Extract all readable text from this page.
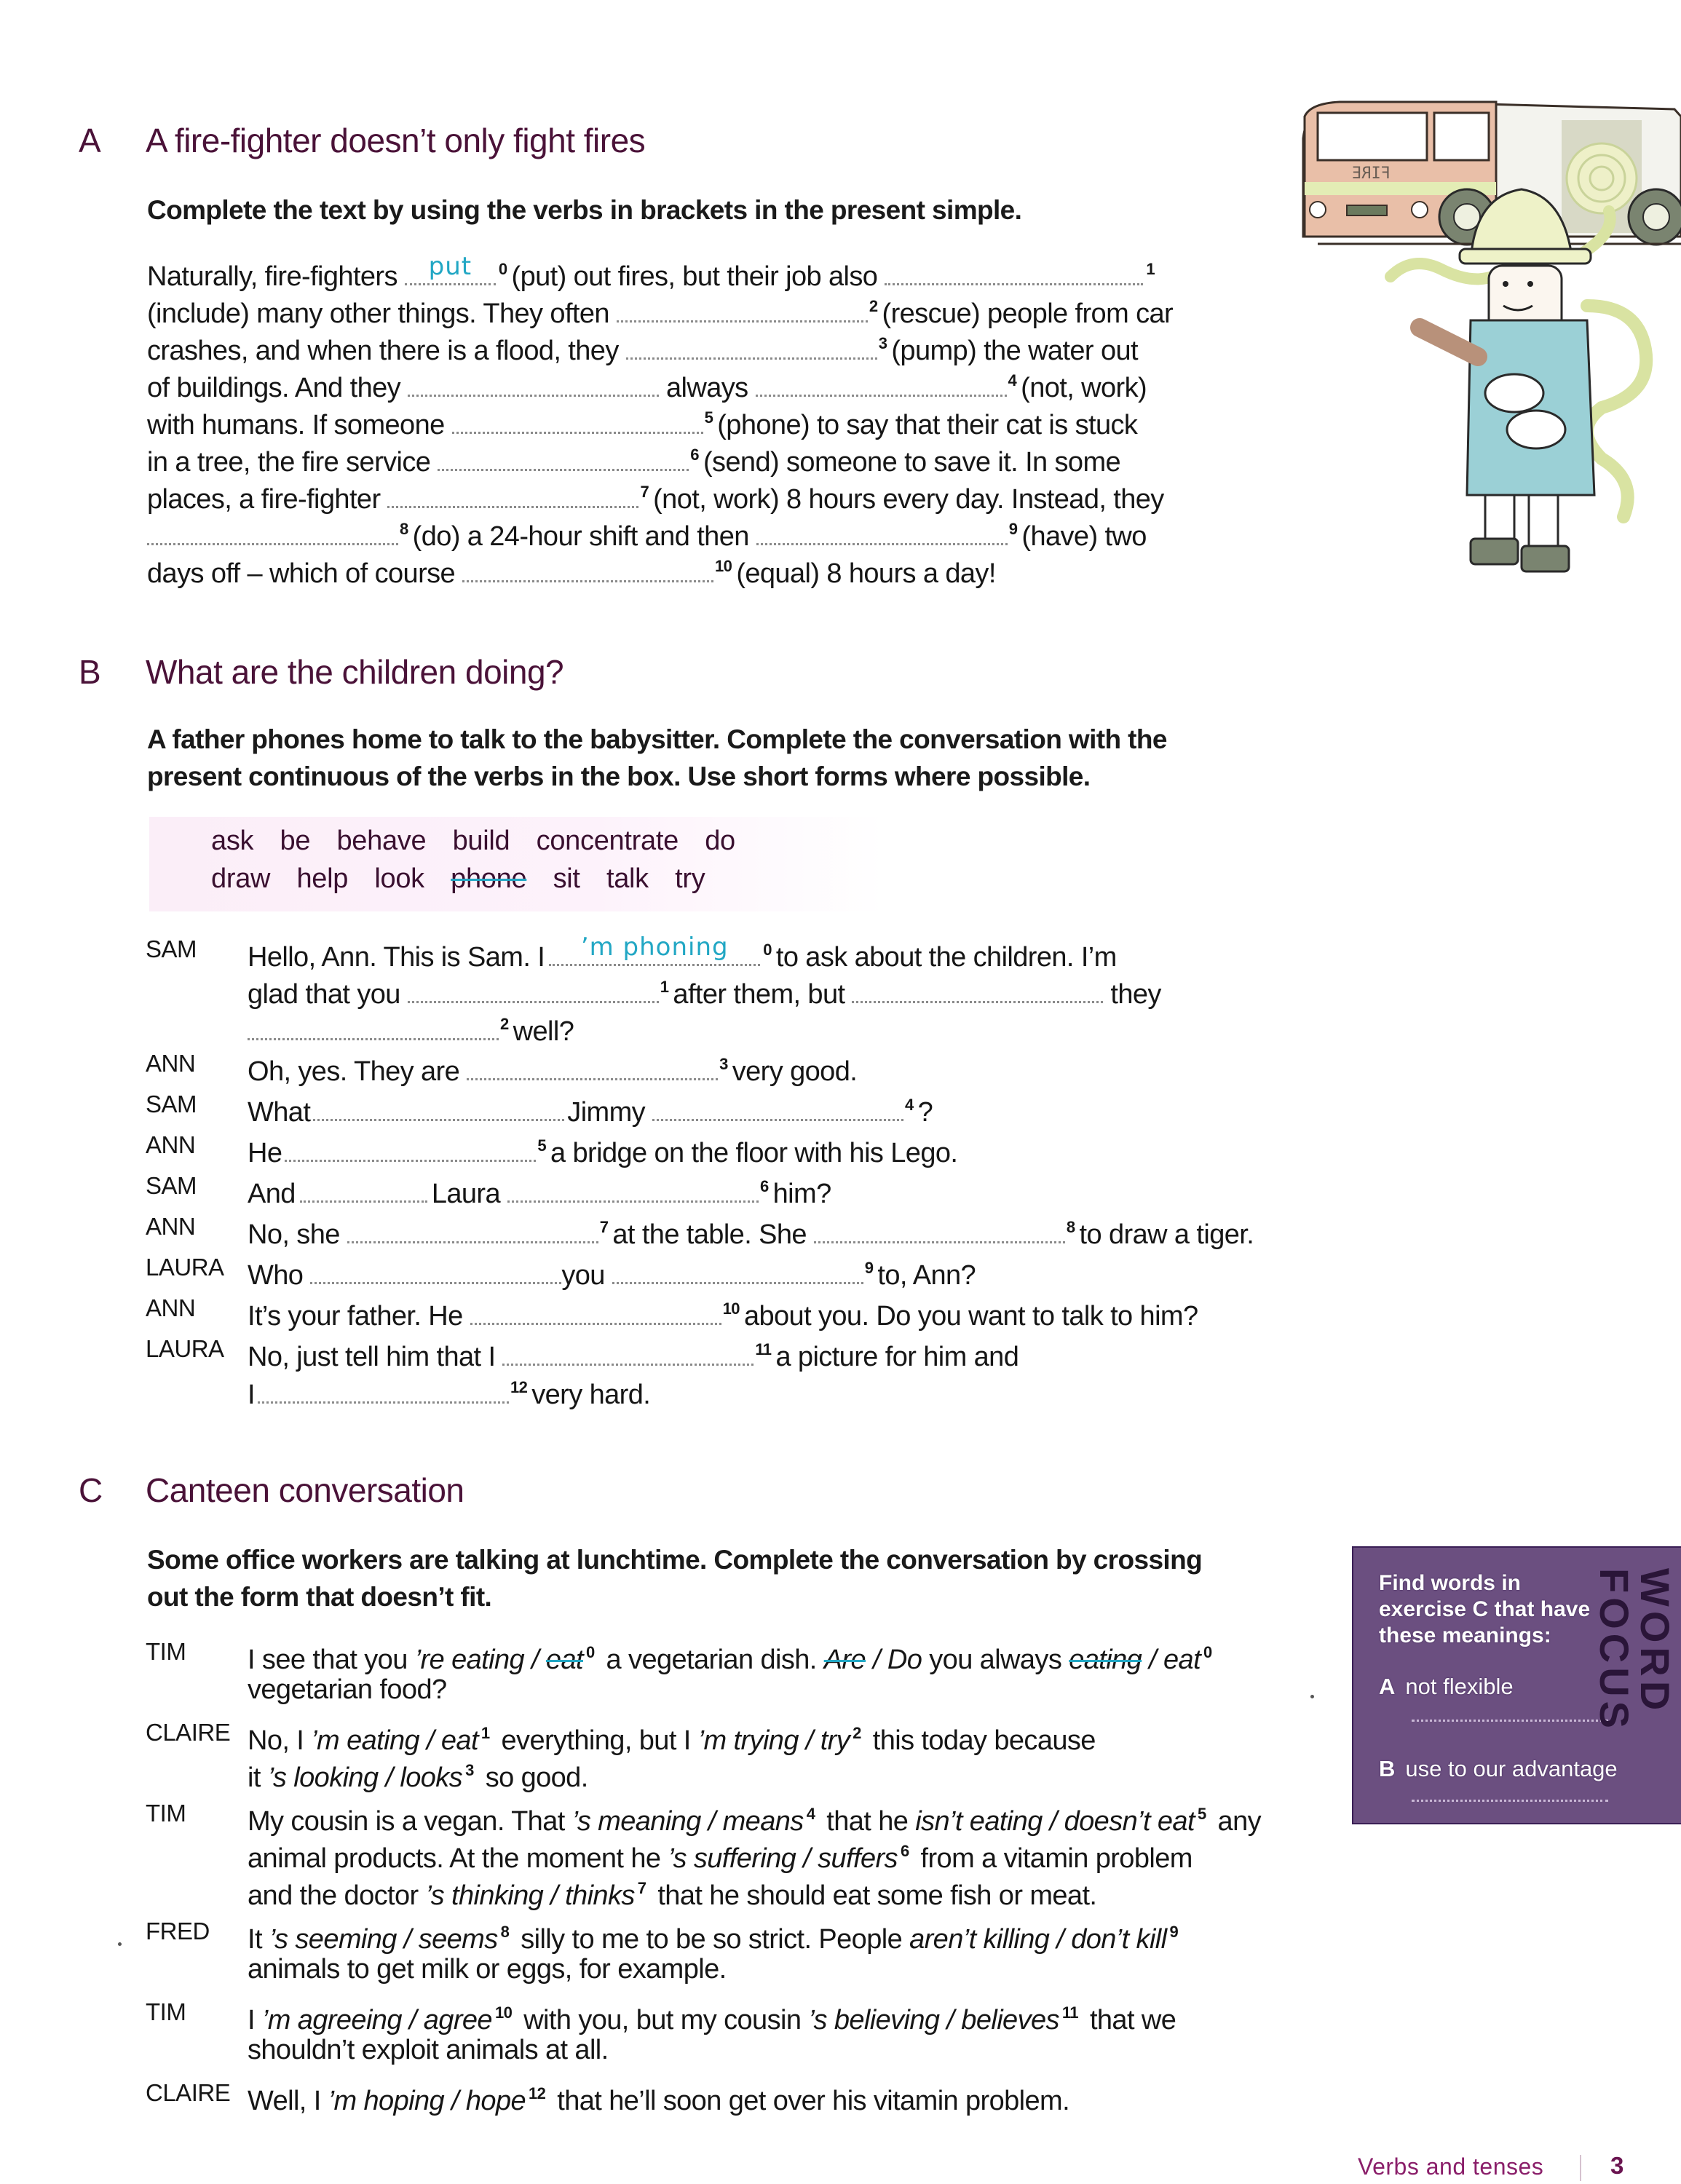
A A fire-fighter doesn’t only fight fires
Complete the text by using the verbs in brackets in the present simple.
Naturally, fire-fighters	put	$^0$ (put) out fires, but their job also	$^1$
(include) many other things. They often	$^2$ (rescue) people from car
crashes, and when there is a flood, they	$^3$ (pump) the water out
of buildings. And they	always	$^4$ (not, work)
with humans. If someone	$^5$ (phone) to say that their cat is stuck
in a tree, the fire service	$^6$ (send) someone to save it. In some
places, a fire-fighter	$^7$ (not, work) 8 hours every day. Instead, they
$^8$ (do) a 24-hour shift and then	$^9$ (have) two
days off – which of course	$^{10}$ (equal) 8 hours a day!
FIRE
B What are the children doing?
A father phones home to talk to the babysitter. Complete the conversation with the
present continuous of the verbs in the box. Use short forms where possible.
ask be behave build concentrate do
draw help look phone sit talk try
SAM Hello, Ann. This is Sam. I	’m phoning	$^0$ to ask about the children. I’m
glad that you	$^1$ after them, but	they
$^2$ well?
ANN Oh, yes. They are	$^3$ very good.
SAM What	Jimmy	$^4$ ?
ANN He	$^5$ a bridge on the floor with his Lego.
SAM And	Laura	$^6$ him?
ANN No, she	$^7$ at the table. She	$^8$ to draw a tiger.
LAURA Who	you	$^9$ to, Ann?
ANN It’s your father. He	$^{10}$ about you. Do you want to talk to him?
LAURA No, just tell him that I	$^{11}$ a picture for him and
I	$^{12}$ very hard.
C Canteen conversation
Some office workers are talking at lunchtime. Complete the conversation by crossing
out the form that doesn’t fit.
TIM I see that you ’re eating / eat $^0$ a vegetarian dish. Are / Do you always eating / eat $^0$
vegetarian food?
CLAIRE No, I ’m eating / eat $^1$ everything, but I ’m trying / try $^2$ this today because
it ’s looking / looks $^3$ so good.
TIM My cousin is a vegan. That ’s meaning / means $^4$ that he isn’t eating / doesn’t eat $^5$ any
animal products. At the moment he ’s suffering / suffers $^6$ from a vitamin problem
and the doctor ’s thinking / thinks $^7$ that he should eat some fish or meat.
FRED It ’s seeming / seems $^8$ silly to me to be so strict. People aren’t killing / don’t kill $^9$
animals to get milk or eggs, for example.
TIM I ’m agreeing / agree $^{10}$ with you, but my cousin ’s believing / believes $^{11}$ that we
shouldn’t exploit animals at all.
CLAIRE Well, I ’m hoping / hope $^{12}$ that he’ll soon get over his vitamin problem.
Find words in
exercise C that have
these meanings:
A not flexible
B use to our advantage
FOCUS
WORD
Verbs and tenses	3
